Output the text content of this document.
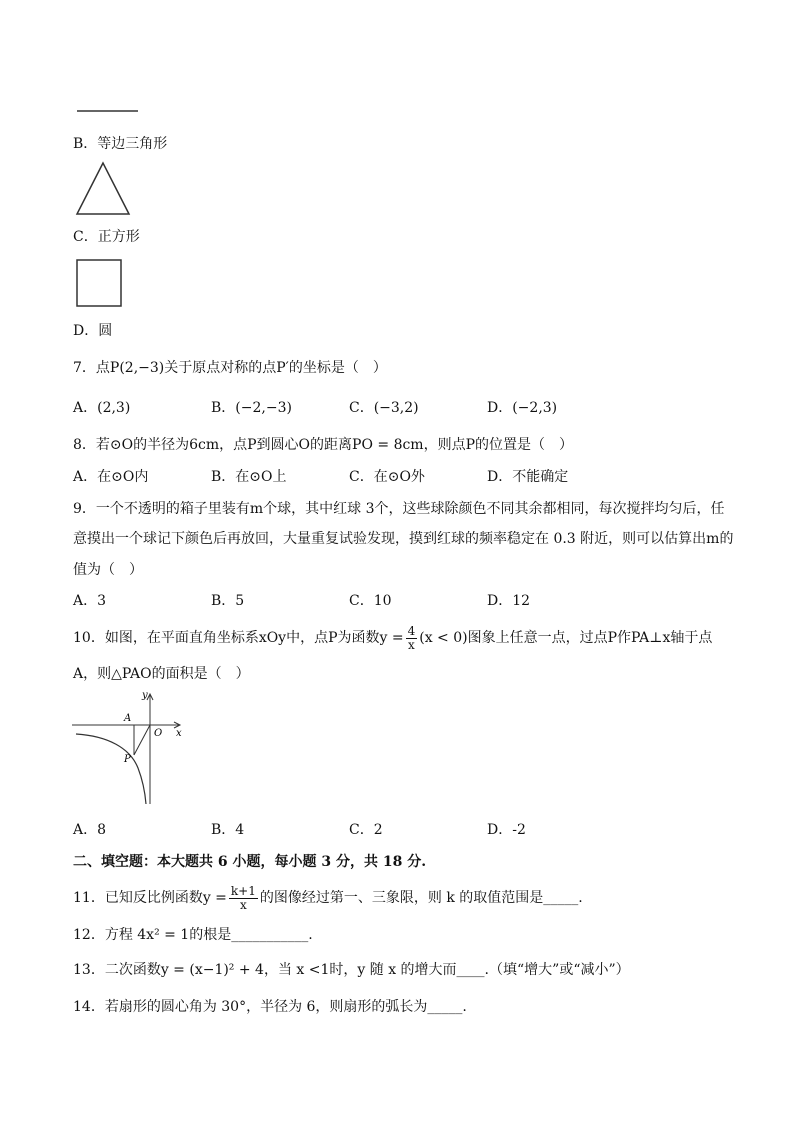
B．等边三角形
C．正方形
D．圆
7．点P(2,−3)关于原点对称的点P′的坐标是（　）
A．(2,3)	B．(−2,−3)	C．(−3,2)	D．(−2,3)
8．若⊙O的半径为6cm，点P到圆心O的距离PO = 8cm，则点P的位置是（　）
A．在⊙O内	B．在⊙O上	C．在⊙O外	D．不能确定
9．一个不透明的箱子里装有m个球，其中红球 3个，这些球除颜色不同其余都相同，每次搅拌均匀后，任
意摸出一个球记下颜色后再放回，大量重复试验发现，摸到红球的频率稳定在 0.3 附近，则可以估算出m的
值为（　）
A．3	B．5	C．10	D．12
10．如图，在平面直角坐标系xOy中，点P为函数$y = \frac{4}{x} (x < 0)$图象上任意一点，过点P作PA⊥x轴于点
A，则△PAO的面积是（　）
y
x
A
O
P
A．8	B．4	C．2	D．-2
二、填空题：本大题共 6 小题，每小题 3 分，共 18 分.
11．已知反比例函数$y = \frac{k+1}{x}$ 的图像经过第一、三象限，则 k 的取值范围是_____.
12．方程 4x² = 1的根是___________.
13．二次函数y = (x−1)² + 4，当 x <1时，y 随 x 的增大而____.（填“增大”或“减小”）
14．若扇形的圆心角为 30°，半径为 6，则扇形的弧长为_____.
